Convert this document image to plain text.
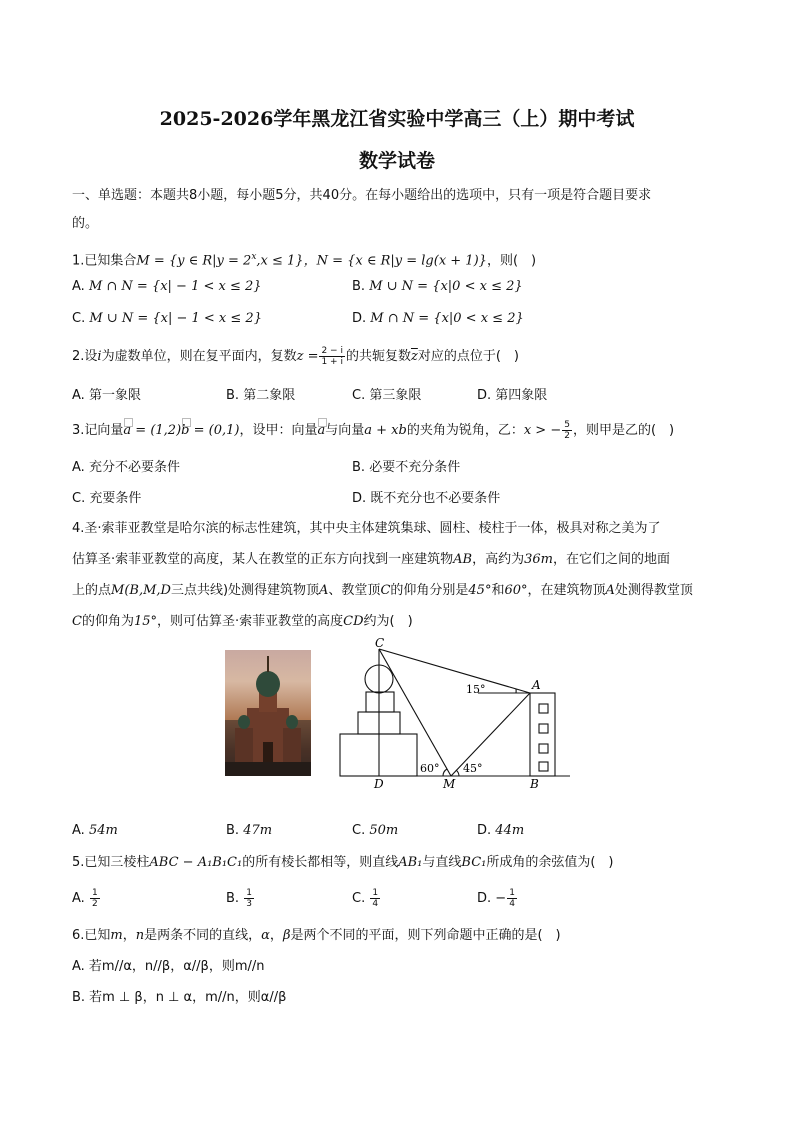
2025-2026学年黑龙江省实验中学高三（上）期中考试
数学试卷
一、单选题：本题共8小题，每小题5分，共40分。在每小题给出的选项中，只有一项是符合题目要求
的。
1.已知集合M = {y ∈ $R|y = 2^x,x \le 1$}，N = {x ∈ R|y = lg(x + 1)}，则(　)
A. M ∩ N = {x| − 1 < x ≤ 2}	B. M ∪ N = {x|0 < x ≤ 2}
C. M ∪ N = {x| − 1 < x ≤ 2}	D. M ∩ N = {x|0 < x ≤ 2}
2.设i为虚数单位，则在复平面内，复数$z = \frac{2 - i}{1 + i}$ 的共轭复数$\overline{z}$对应的点位于(　)
A. 第一象限	B. 第二象限	C. 第三象限	D. 第四象限
3.记向量a = (1,2)b = (0,1)，设甲：向量a与向量a + xb的夹角为锐角，乙：x > − $\frac{5}{2}$ ，则甲是乙的(　)
A. 充分不必要条件	B. 必要不充分条件
C. 充要条件	D. 既不充分也不必要条件
4.圣·索菲亚教堂是哈尔滨的标志性建筑，其中央主体建筑集球、圆柱、棱柱于一体，极具对称之美为了
估算圣·索菲亚教堂的高度，某人在教堂的正东方向找到一座建筑物AB，高约为36m，在它们之间的地面
上的点M(B,M,D三点共线)处测得建筑物顶A、教堂顶C的仰角分别是45°和60°，在建筑物顶A处测得教堂顶
C的仰角为15°，则可估算圣·索菲亚教堂的高度CD约为(　)
C
A
D	M	B
15°
60° 45°
A. 54m	B. 47m	C. 50m	D. 44m
5.已知三棱柱ABC − A₁B₁C₁的所有棱长都相等，则直线AB₁与直线BC₁所成角的余弦值为(　)
A. $\frac{1}{2}$	B. $\frac{1}{3}$	C. $\frac{1}{4}$	D. − $\frac{1}{4}$
6.已知m，n是两条不同的直线，α，β是两个不同的平面，则下列命题中正确的是(　)
A. 若m//α，n//β，α//β，则m//n
B. 若m ⊥ β，n ⊥ α，m//n，则α//β
